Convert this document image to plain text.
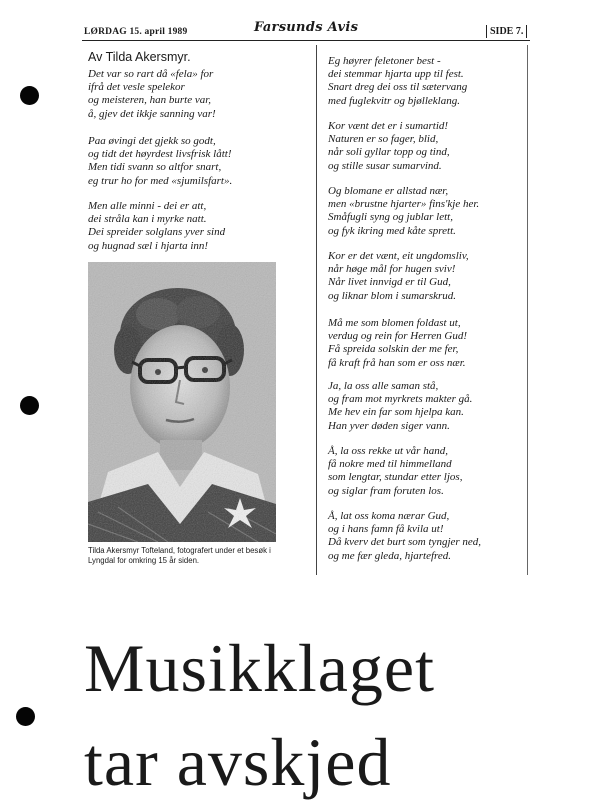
LØRDAG 15. april 1989	Farsunds Avis	SIDE 7.
Av Tilda Akersmyr.

Det var so rart då «fela» for
ifrå det vesle spelekor
og meisteren, han burte var,
å, gjev det ikkje sanning var!

Paa øvingi det gjekk so godt,
og tidt det høyrdest livsfrisk lått!
Men tidi svann so altfor snart,
eg trur ho for med «sjumilsfart».

Men alle minni - dei er att,
dei stråla kan i myrke natt.
Dei spreider solglans yver sind
og hugnad sæl i hjarta inn!

Tilda Akersmyr Tofteland, fotografert under et besøk i Lyngdal for omkring 15 år siden.

Eg høyrer feletoner best -
dei stemmar hjarta upp til fest.
Snart dreg dei oss til sætervang
med fuglekvitr og bjølleklang.

Kor vænt det er i sumartid!
Naturen er so fager, blid,
når soli gyllar topp og tind,
og stille susar sumarvind.

Og blomane er allstad nær,
men «brustne hjarter» fins'kje her.
Småfugli syng og jublar lett,
og fyk ikring med kåte sprett.

Kor er det vænt, eit ungdomsliv,
når høge mål for hugen sviv!
Når livet innvigd er til Gud,
og liknar blom i sumarskrud.

Må me som blomen foldast ut,
verdug og rein for Herren Gud!
Få spreida solskin der me fer,
få kraft frå han som er oss nær.

Ja, la oss alle saman stå,
og fram mot myrkrets makter gå.
Me hev ein far som hjelpa kan.
Han yver døden siger vann.

Å, la oss rekke ut vår hand,
få nokre med til himmelland
som lengtar, stundar etter ljos,
og siglar fram foruten los.

Å, lat oss koma nærar Gud,
og i hans famn få kvila ut!
Då kverv det burt som tyngjer ned,
og me fær gleda, hjartefred.

Musikklaget
tar avskjed
